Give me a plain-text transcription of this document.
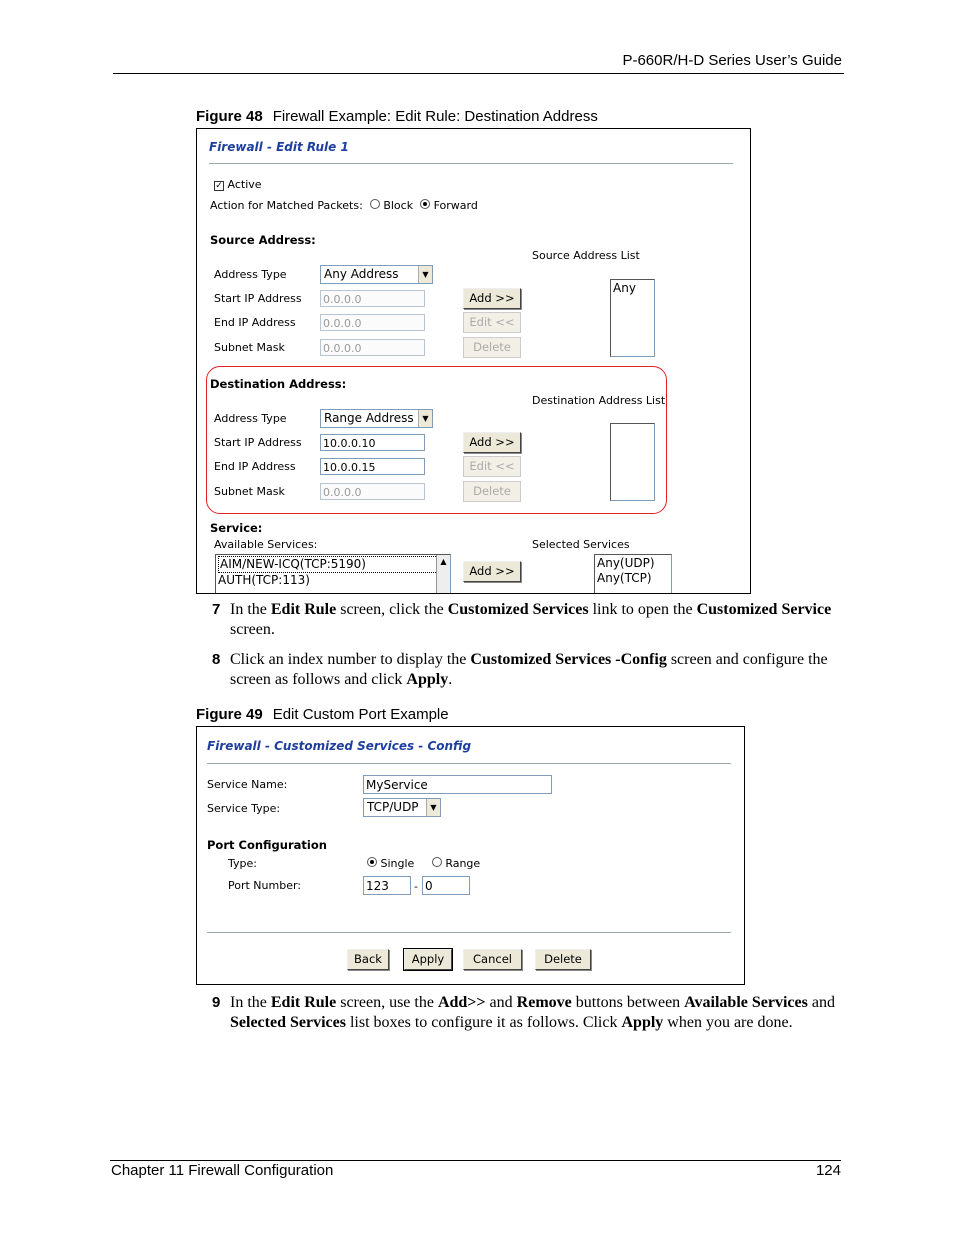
P-660R/H-D Series User’s Guide
Figure 48 Firewall Example: Edit Rule: Destination Address
Firewall - Edit Rule 1
✓ Active
Action for Matched Packets: Block Forward
Source Address:
Source Address List
Address Type	Any Address	▼
Start IP Address 0.0.0.0
End IP Address 0.0.0.0
Subnet Mask	0.0.0.0
Add >>
Edit <<
Delete
Any
Destination Address:
Destination Address List
Address Type	Range Address	▼
Start IP Address 10.0.0.10
End IP Address 10.0.0.15
Subnet Mask	0.0.0.0
Add >>
Edit <<
Delete
Service:
Available Services:	Selected Services
AIM/NEW-ICQ(TCP:5190)
AUTH(TCP:113)
▲
Add >>
Any(UDP)
Any(TCP)
7 In the Edit Rule screen, click the Customized Services link to open the Customized Service screen.
8 Click an index number to display the Customized Services -Config screen and configure the screen as follows and click Apply.
Figure 49 Edit Custom Port Example
Firewall - Customized Services - Config
Service Name:	MyService
Service Type:	TCP/UDP	▼
Port Configuration
Type:	Single	Range
Port Number:	123	- 0
Back	Apply	Cancel	Delete
9 In the Edit Rule screen, use the Add>> and Remove buttons between Available Services and Selected Services list boxes to configure it as follows. Click Apply when you are done.
Chapter 11 Firewall Configuration	124
